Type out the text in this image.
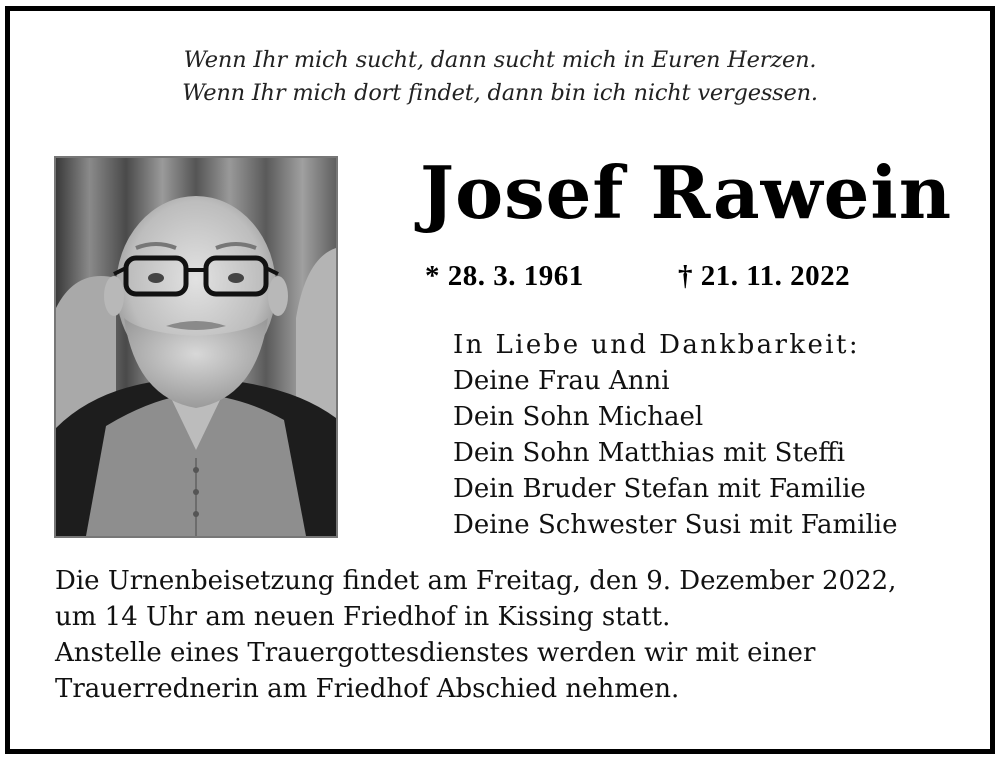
Wenn Ihr mich sucht, dann sucht mich in Euren Herzen.
Wenn Ihr mich dort findet, dann bin ich nicht vergessen.
Josef Rawein
* 28. 3. 1961	† 21. 11. 2022
In Liebe und Dankbarkeit:
Deine Frau Anni
Dein Sohn Michael
Dein Sohn Matthias mit Steffi
Dein Bruder Stefan mit Familie
Deine Schwester Susi mit Familie
Die Urnenbeisetzung findet am Freitag, den 9. Dezember 2022,
um 14 Uhr am neuen Friedhof in Kissing statt.
Anstelle eines Trauergottesdienstes werden wir mit einer
Trauerrednerin am Friedhof Abschied nehmen.
